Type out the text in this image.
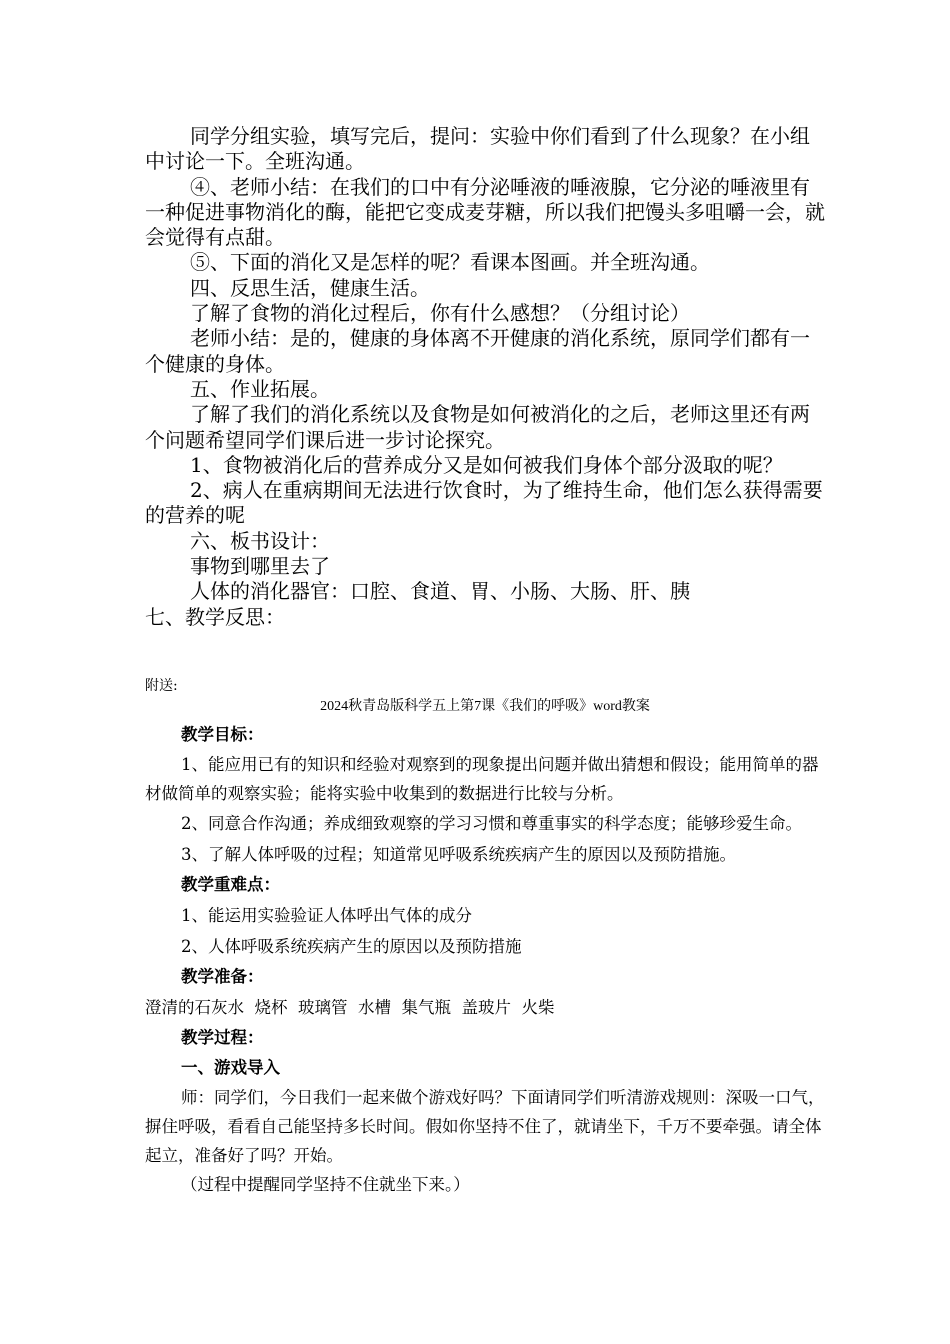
同学分组实验，填写完后，提问：实验中你们看到了什么现象？在小组中讨论一下。全班沟通。

④、老师小结：在我们的口中有分泌唾液的唾液腺，它分泌的唾液里有一种促进事物消化的酶，能把它变成麦芽糖，所以我们把馒头多咀嚼一会，就会觉得有点甜。

⑤、下面的消化又是怎样的呢？看课本图画。并全班沟通。

四、反思生活，健康生活。

了解了食物的消化过程后，你有什么感想？（分组讨论）

老师小结：是的，健康的身体离不开健康的消化系统，原同学们都有一个健康的身体。

五、作业拓展。

了解了我们的消化系统以及食物是如何被消化的之后，老师这里还有两个问题希望同学们课后进一步讨论探究。

1、食物被消化后的营养成分又是如何被我们身体个部分汲取的呢？

2、病人在重病期间无法进行饮食时，为了维持生命，他们怎么获得需要的营养的呢

六、板书设计：

事物到哪里去了

人体的消化器官：口腔、食道、胃、小肠、大肠、肝、胰

七、教学反思：

附送:
2024秋青岛版科学五上第7课《我们的呼吸》word教案

教学目标：

1、能应用已有的知识和经验对观察到的现象提出问题并做出猜想和假设；能用简单的器材做简单的观察实验；能将实验中收集到的数据进行比较与分析。

2、同意合作沟通；养成细致观察的学习习惯和尊重事实的科学态度；能够珍爱生命。

3、了解人体呼吸的过程；知道常见呼吸系统疾病产生的原因以及预防措施。

教学重难点：

1、能运用实验验证人体呼出气体的成分

2、人体呼吸系统疾病产生的原因以及预防措施

教学准备：

澄清的石灰水  烧杯  玻璃管  水槽  集气瓶  盖玻片  火柴

教学过程：

一、游戏导入

师：同学们，今日我们一起来做个游戏好吗？下面请同学们听清游戏规则：深吸一口气，摒住呼吸，看看自己能坚持多长时间。假如你坚持不住了，就请坐下，千万不要牵强。请全体起立，准备好了吗？开始。

（过程中提醒同学坚持不住就坐下来。）
